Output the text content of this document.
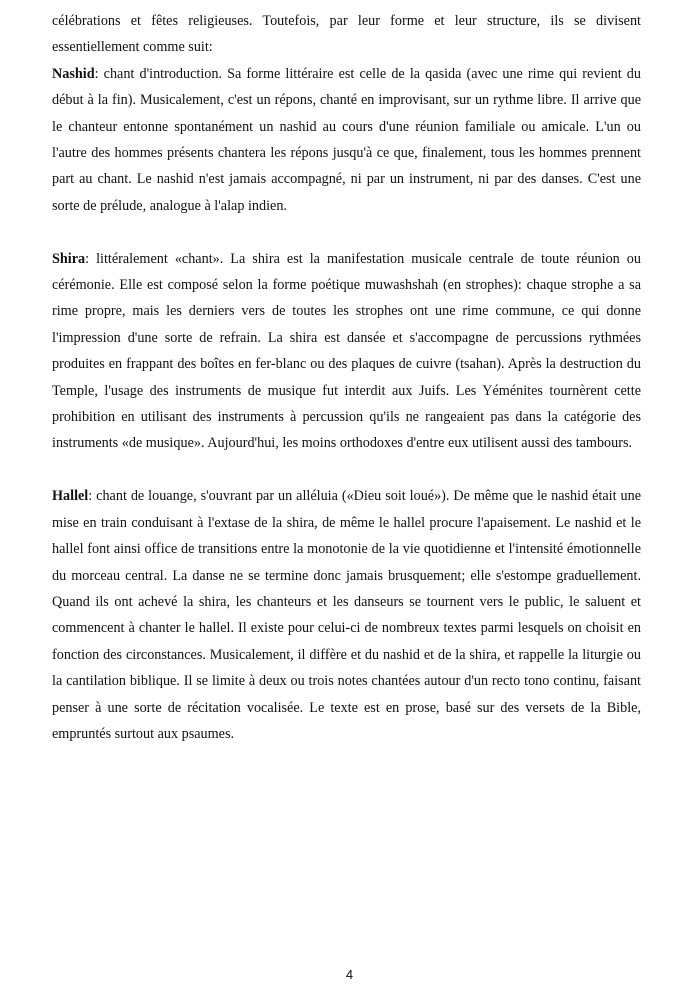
célébrations et fêtes religieuses. Toutefois, par leur forme et leur structure, ils se divisent essentiellement comme suit:

Nashid: chant d'introduction. Sa forme littéraire est celle de la qasida (avec une rime qui revient du début à la fin). Musicalement, c'est un répons, chanté en improvisant, sur un rythme libre. Il arrive que le chanteur entonne spontanément un nashid au cours d'une réunion familiale ou amicale. L'un ou l'autre des hommes présents chantera les répons jusqu'à ce que, finalement, tous les hommes prennent part au chant. Le nashid n'est jamais accompagné, ni par un instrument, ni par des danses. C'est une sorte de prélude, analogue à l'alap indien.

Shira: littéralement «chant». La shira est la manifestation musicale centrale de toute réunion ou cérémonie. Elle est composé selon la forme poétique muwashshah (en strophes): chaque strophe a sa rime propre, mais les derniers vers de toutes les strophes ont une rime commune, ce qui donne l'impression d'une sorte de refrain. La shira est dansée et s'accompagne de percussions rythmées produites en frappant des boîtes en fer-blanc ou des plaques de cuivre (tsahan). Après la destruction du Temple, l'usage des instruments de musique fut interdit aux Juifs. Les Yéménites tournèrent cette prohibition en utilisant des instruments à percussion qu'ils ne rangeaient pas dans la catégorie des instruments «de musique». Aujourd'hui, les moins orthodoxes d'entre eux utilisent aussi des tambours.

Hallel: chant de louange, s'ouvrant par un alléluia («Dieu soit loué»). De même que le nashid était une mise en train conduisant à l'extase de la shira, de même le hallel procure l'apaisement. Le nashid et le hallel font ainsi office de transitions entre la monotonie de la vie quotidienne et l'intensité émotionnelle du morceau central. La danse ne se termine donc jamais brusquement; elle s'estompe graduellement. Quand ils ont achevé la shira, les chanteurs et les danseurs se tournent vers le public, le saluent et commencent à chanter le hallel. Il existe pour celui-ci de nombreux textes parmi lesquels on choisit en fonction des circonstances. Musicalement, il diffère et du nashid et de la shira, et rappelle la liturgie ou la cantilation biblique. Il se limite à deux ou trois notes chantées autour d'un recto tono continu, faisant penser à une sorte de récitation vocalisée. Le texte est en prose, basé sur des versets de la Bible, empruntés surtout aux psaumes.

4
